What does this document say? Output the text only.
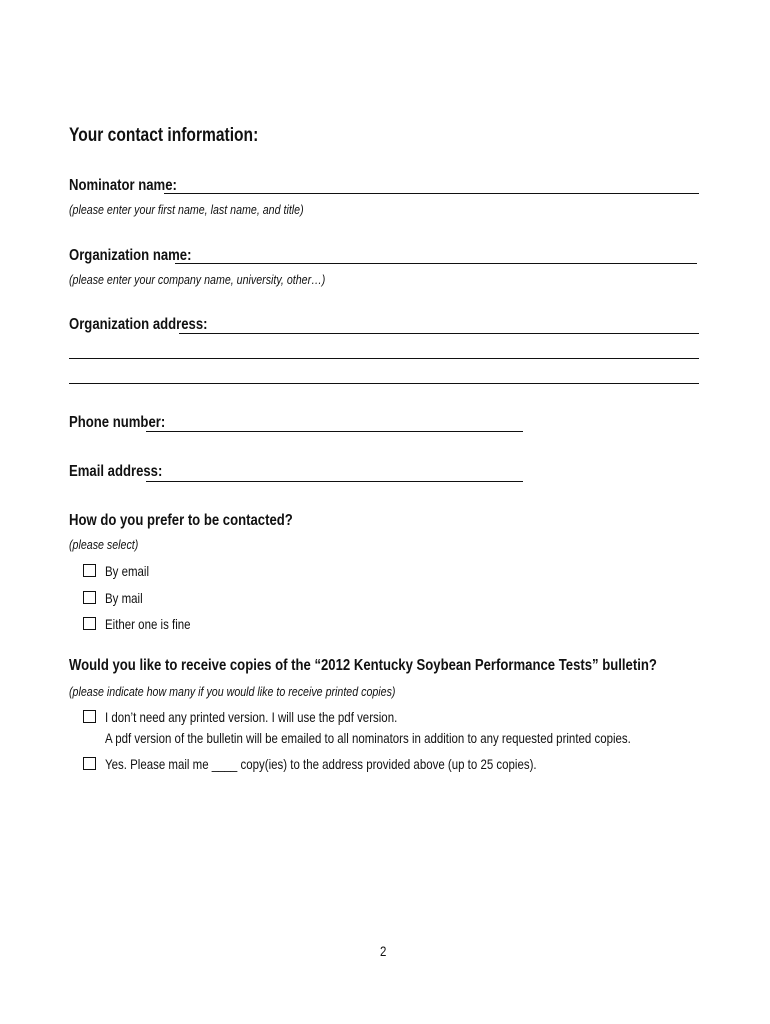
Your contact information:
Nominator name:
(please enter your first name, last name, and title)
Organization name:
(please enter your company name, university, other…)
Organization address:
Phone number:
Email address:
How do you prefer to be contacted?
(please select)
By email
By mail
Either one is fine
Would you like to receive copies of the “2012 Kentucky Soybean Performance Tests” bulletin?
(please indicate how many if you would like to receive printed copies)
I don’t need any printed version. I will use the pdf version.
A pdf version of the bulletin will be emailed to all nominators in addition to any requested printed copies.
Yes. Please mail me ____ copy(ies) to the address provided above (up to 25 copies).
2
